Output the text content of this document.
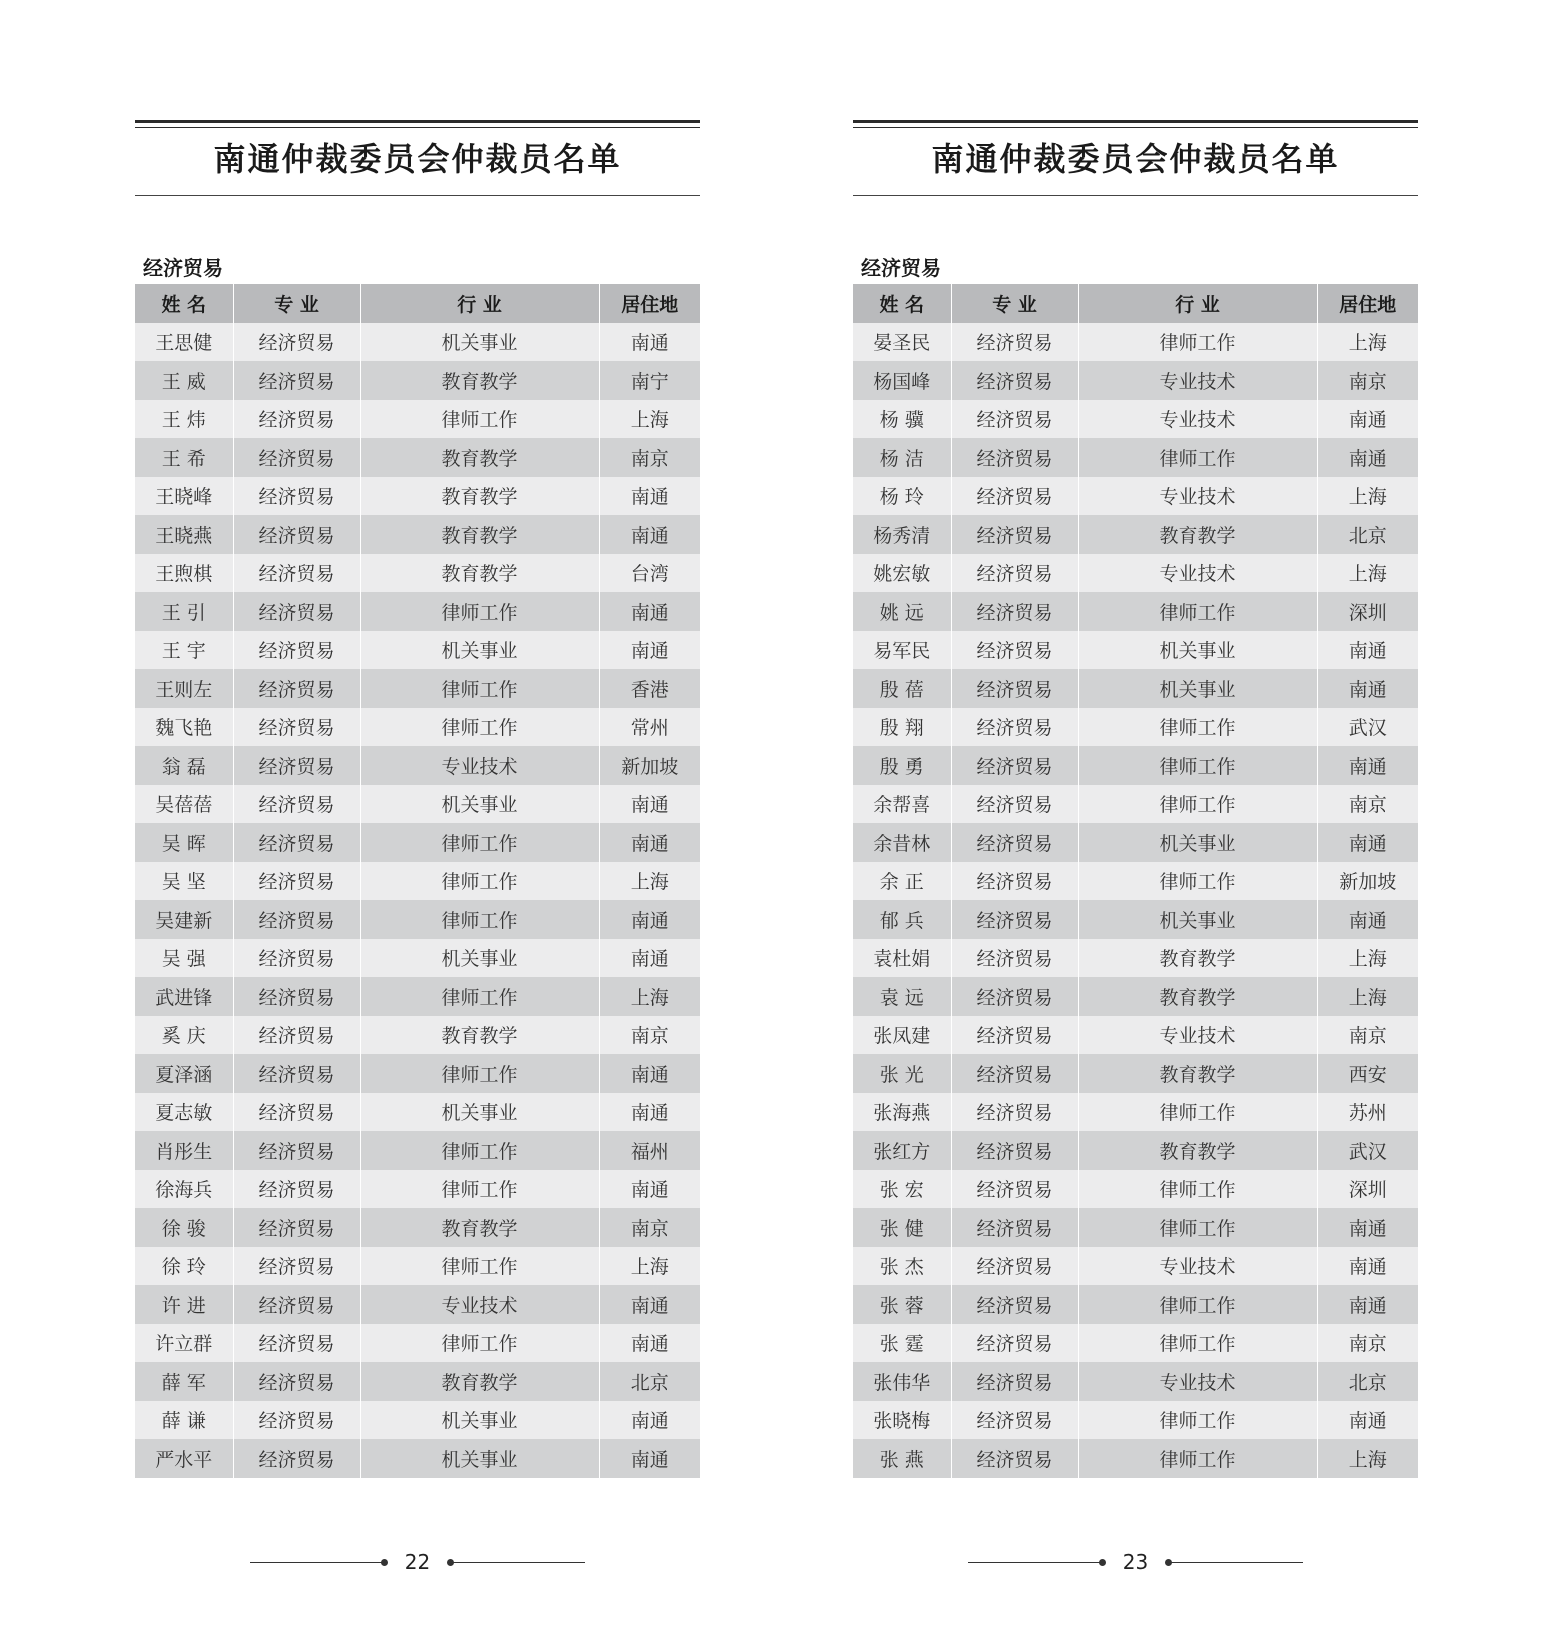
南通仲裁委员会仲裁员名单
经济贸易
姓 名	专 业	行 业	居住地
王思健	经济贸易	机关事业	南通
王 威	经济贸易	教育教学	南宁
王 炜	经济贸易	律师工作	上海
王 希	经济贸易	教育教学	南京
王晓峰	经济贸易	教育教学	南通
王晓燕	经济贸易	教育教学	南通
王煦棋	经济贸易	教育教学	台湾
王 引	经济贸易	律师工作	南通
王 宇	经济贸易	机关事业	南通
王则左	经济贸易	律师工作	香港
魏飞艳	经济贸易	律师工作	常州
翁 磊	经济贸易	专业技术	新加坡
吴蓓蓓	经济贸易	机关事业	南通
吴 晖	经济贸易	律师工作	南通
吴 坚	经济贸易	律师工作	上海
吴建新	经济贸易	律师工作	南通
吴 强	经济贸易	机关事业	南通
武进锋	经济贸易	律师工作	上海
奚 庆	经济贸易	教育教学	南京
夏泽涵	经济贸易	律师工作	南通
夏志敏	经济贸易	机关事业	南通
肖彤生	经济贸易	律师工作	福州
徐海兵	经济贸易	律师工作	南通
徐 骏	经济贸易	教育教学	南京
徐 玲	经济贸易	律师工作	上海
许 进	经济贸易	专业技术	南通
许立群	经济贸易	律师工作	南通
薛 军	经济贸易	教育教学	北京
薛 谦	经济贸易	机关事业	南通
严水平	经济贸易	机关事业	南通
22
南通仲裁委员会仲裁员名单
经济贸易
姓 名	专 业	行 业	居住地
晏圣民	经济贸易	律师工作	上海
杨国峰	经济贸易	专业技术	南京
杨 骥	经济贸易	专业技术	南通
杨 洁	经济贸易	律师工作	南通
杨 玲	经济贸易	专业技术	上海
杨秀清	经济贸易	教育教学	北京
姚宏敏	经济贸易	专业技术	上海
姚 远	经济贸易	律师工作	深圳
易军民	经济贸易	机关事业	南通
殷 蓓	经济贸易	机关事业	南通
殷 翔	经济贸易	律师工作	武汉
殷 勇	经济贸易	律师工作	南通
余帮喜	经济贸易	律师工作	南京
余昔林	经济贸易	机关事业	南通
余 正	经济贸易	律师工作	新加坡
郁 兵	经济贸易	机关事业	南通
袁杜娟	经济贸易	教育教学	上海
袁 远	经济贸易	教育教学	上海
张凤建	经济贸易	专业技术	南京
张 光	经济贸易	教育教学	西安
张海燕	经济贸易	律师工作	苏州
张红方	经济贸易	教育教学	武汉
张 宏	经济贸易	律师工作	深圳
张 健	经济贸易	律师工作	南通
张 杰	经济贸易	专业技术	南通
张 蓉	经济贸易	律师工作	南通
张 霆	经济贸易	律师工作	南京
张伟华	经济贸易	专业技术	北京
张晓梅	经济贸易	律师工作	南通
张 燕	经济贸易	律师工作	上海
23
